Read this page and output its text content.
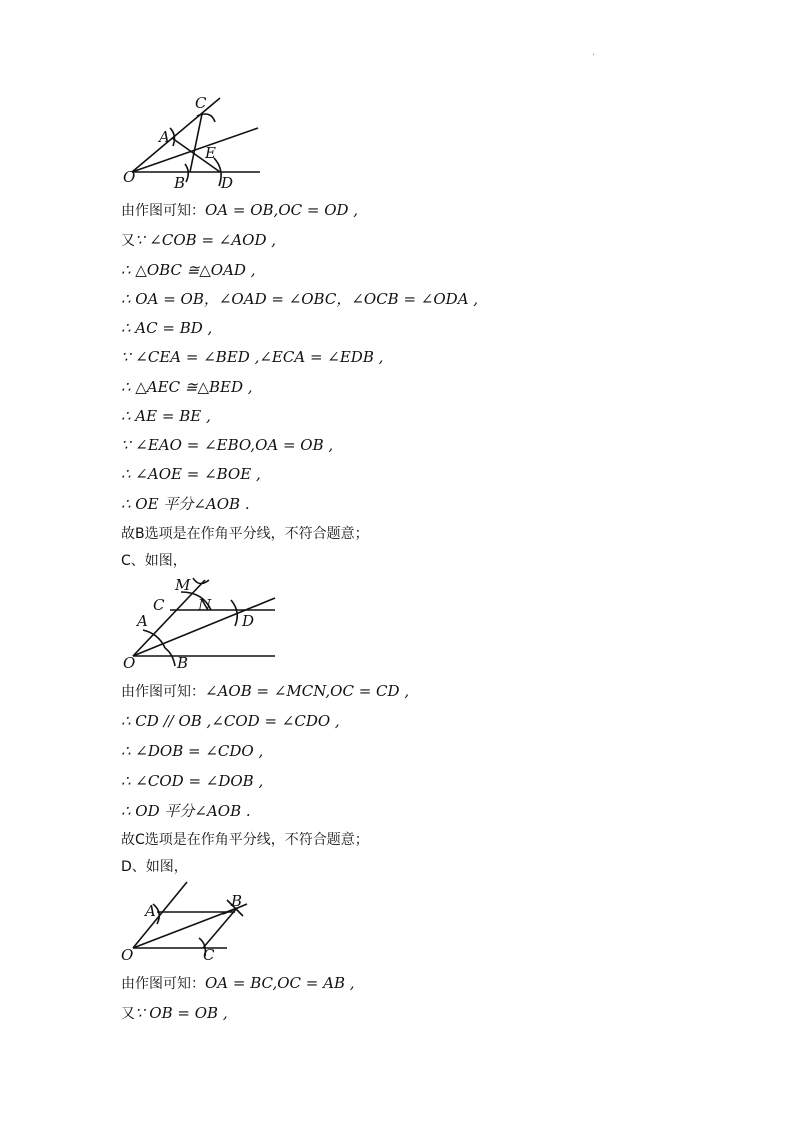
·
O
A
B
C
D
E
O
A
B
C
D
M
N
O
A
B
C
由作图可知：OA = OB,OC = OD ,
又∵ ∠COB = ∠AOD ,
∴ △OBC ≅△OAD ,
∴ OA = OB，∠OAD = ∠OBC，∠OCB = ∠ODA ,
∴ AC = BD ,
∵ ∠CEA = ∠BED ,∠ECA = ∠EDB ,
∴ △AEC ≅△BED ,
∴ AE = BE ,
∵ ∠EAO = ∠EBO,OA = OB ,
∴ ∠AOE = ∠BOE ,
∴ OE 平分∠AOB .
故B选项是在作角平分线，不符合题意；
C、如图，
由作图可知：∠AOB = ∠MCN,OC = CD ,
∴ CD // OB ,∠COD = ∠CDO ,
∴ ∠DOB = ∠CDO ,
∴ ∠COD = ∠DOB ,
∴ OD 平分∠AOB .
故C选项是在作角平分线，不符合题意；
D、如图，
由作图可知：OA = BC,OC = AB ,
又∵ OB = OB ,
